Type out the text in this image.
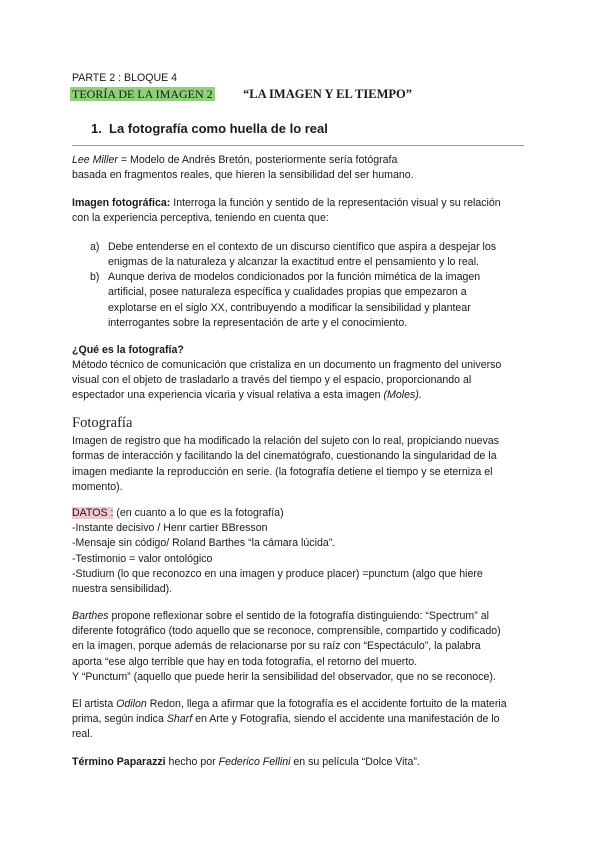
PARTE 2 : BLOQUE 4
TEORÍA DE LA IMAGEN 2 “LA IMAGEN Y EL TIEMPO”
1. La fotografía como huella de lo real
Lee Miller = Modelo de Andrés Bretón, posteriormente sería fotógrafa
basada en fragmentos reales, que hieren la sensibilidad del ser humano.
Imagen fotográfica: Interroga la función y sentido de la representación visual y su relación
con la experiencia perceptiva, teniendo en cuenta que:
a) Debe entenderse en el contexto de un discurso científico que aspira a despejar los
enigmas de la naturaleza y alcanzar la exactitud entre el pensamiento y lo real.
b) Aunque deriva de modelos condicionados por la función mimética de la imagen
artificial, posee naturaleza específica y cualidades propias que empezaron a
explotarse en el siglo XX, contribuyendo a modificar la sensibilidad y plantear
interrogantes sobre la representación de arte y el conocimiento.
¿Qué es la fotografía?
Método técnico de comunicación que cristaliza en un documento un fragmento del universo
visual con el objeto de trasladarlo a través del tiempo y el espacio, proporcionando al
espectador una experiencia vicaria y visual relativa a esta imagen (Moles).
Fotografía
Imagen de registro que ha modificado la relación del sujeto con lo real, propiciando nuevas
formas de interacción y facilitando la del cinematógrafo, cuestionando la singularidad de la
imagen mediante la reproducción en serie. (la fotografía detiene el tiempo y se eterniza el
momento).
DATOS : (en cuanto a lo que es la fotografía)
-Instante decisivo / Henr cartier BBresson
-Mensaje sin código/ Roland Barthes “la cámara lúcida”.
-Testimonio = valor ontológico
-Studium (lo que reconozco en una imagen y produce placer) =punctum (algo que hiere
nuestra sensibilidad).
Barthes propone reflexionar sobre el sentido de la fotografía distinguiendo: “Spectrum” al
diferente fotográfico (todo aquello que se reconoce, comprensible, compartido y codificado)
en la imagen, porque además de relacionarse por su raíz con “Espectáculo”, la palabra
aporta “ese algo terrible que hay en toda fotografía, el retorno del muerto.
Y “Punctum” (aquello que puede herir la sensibilidad del observador, que no se reconoce).
El artista Odilon Redon, llega a afirmar que la fotografía es el accidente fortuito de la materia
prima, según indica Sharf en Arte y Fotografía, siendo el accidente una manifestación de lo
real.
Término Paparazzi hecho por Federico Fellini en su película “Dolce Vita”.
